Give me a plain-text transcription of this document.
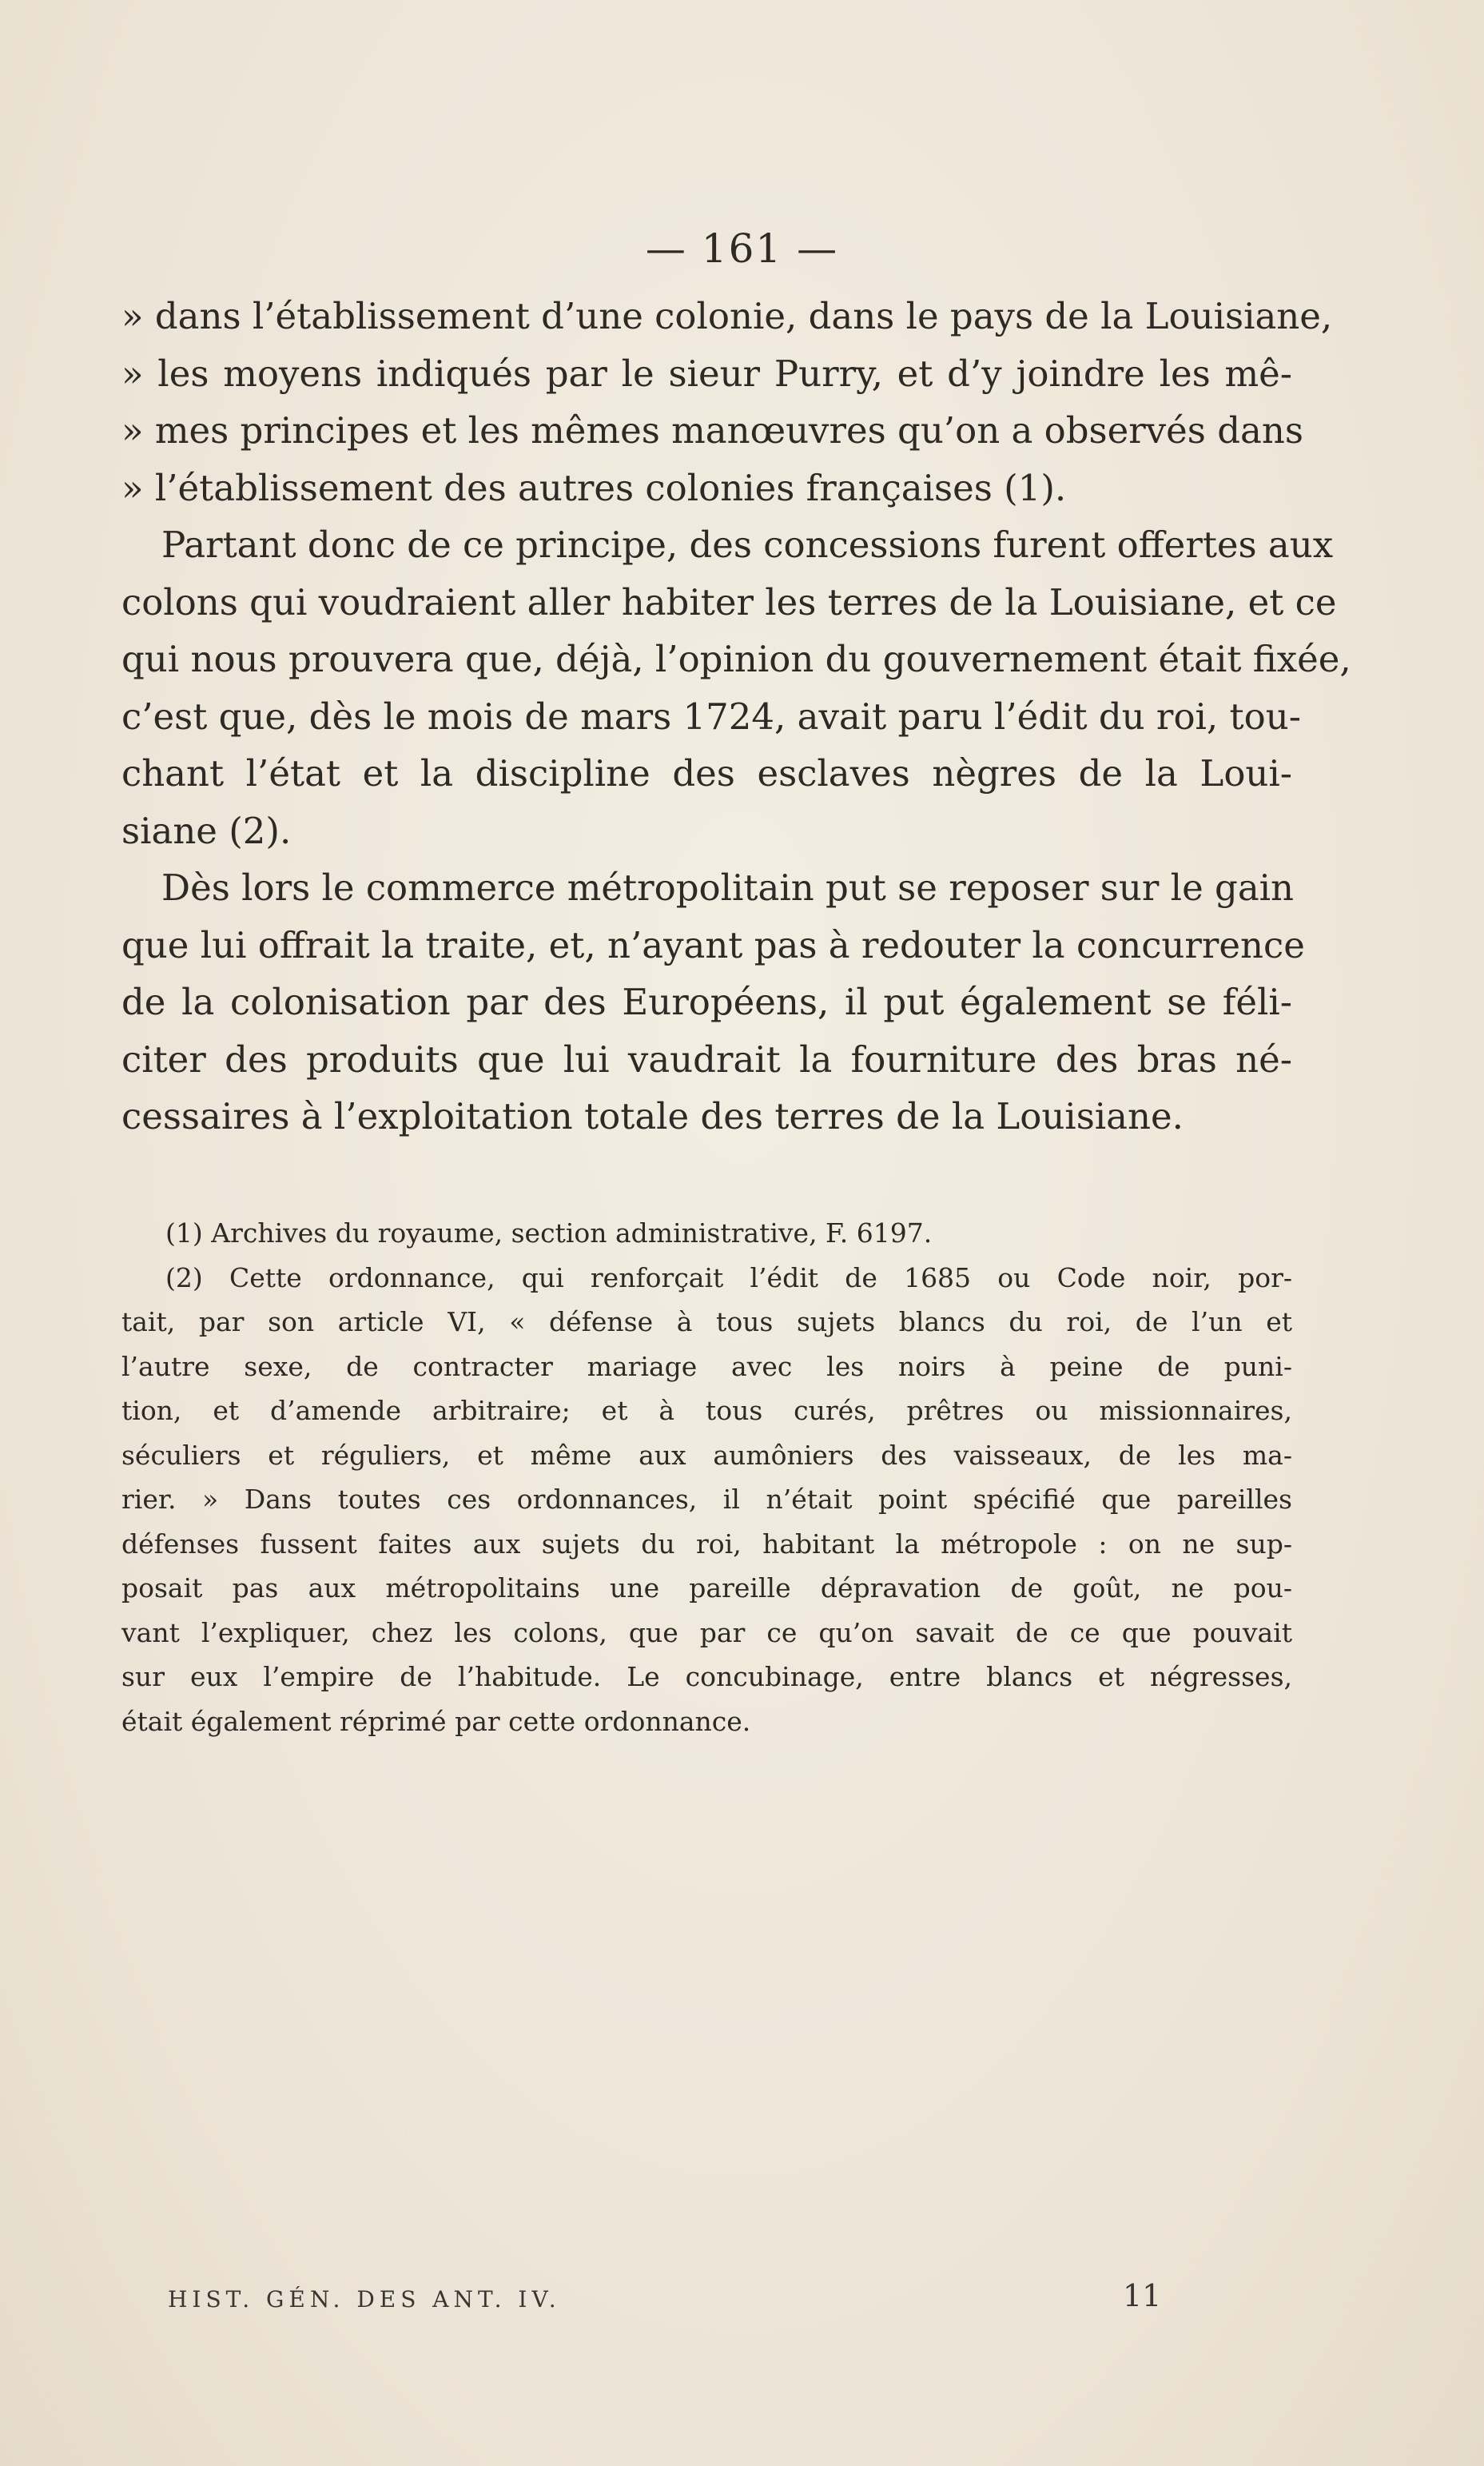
— 161 —
» dans l’établissement d’une colonie, dans le pays de la Louisiane,
» les moyens indiqués par le sieur Purry, et d’y joindre les mê-
» mes principes et les mêmes manœuvres qu’on a observés dans
» l’établissement des autres colonies françaises (1).
Partant donc de ce principe, des concessions furent offertes aux
colons qui voudraient aller habiter les terres de la Louisiane, et ce
qui nous prouvera que, déjà, l’opinion du gouvernement était fixée,
c’est que, dès le mois de mars 1724, avait paru l’édit du roi, tou-
chant l’état et la discipline des esclaves nègres de la Loui-
siane (2).
Dès lors le commerce métropolitain put se reposer sur le gain
que lui offrait la traite, et, n’ayant pas à redouter la concurrence
de la colonisation par des Européens, il put également se féli-
citer des produits que lui vaudrait la fourniture des bras né-
cessaires à l’exploitation totale des terres de la Louisiane.
(1) Archives du royaume, section administrative, F. 6197.
(2) Cette ordonnance, qui renforçait l’édit de 1685 ou Code noir, por-
tait, par son article VI, « défense à tous sujets blancs du roi, de l’un et
l’autre sexe, de contracter mariage avec les noirs à peine de puni-
tion, et d’amende arbitraire; et à tous curés, prêtres ou missionnaires,
séculiers et réguliers, et même aux aumôniers des vaisseaux, de les ma-
rier. » Dans toutes ces ordonnances, il n’était point spécifié que pareilles
défenses fussent faites aux sujets du roi, habitant la métropole : on ne sup-
posait pas aux métropolitains une pareille dépravation de goût, ne pou-
vant l’expliquer, chez les colons, que par ce qu’on savait de ce que pouvait
sur eux l’empire de l’habitude. Le concubinage, entre blancs et négresses,
était également réprimé par cette ordonnance.
HIST. GÉN. DES ANT. IV.	11
